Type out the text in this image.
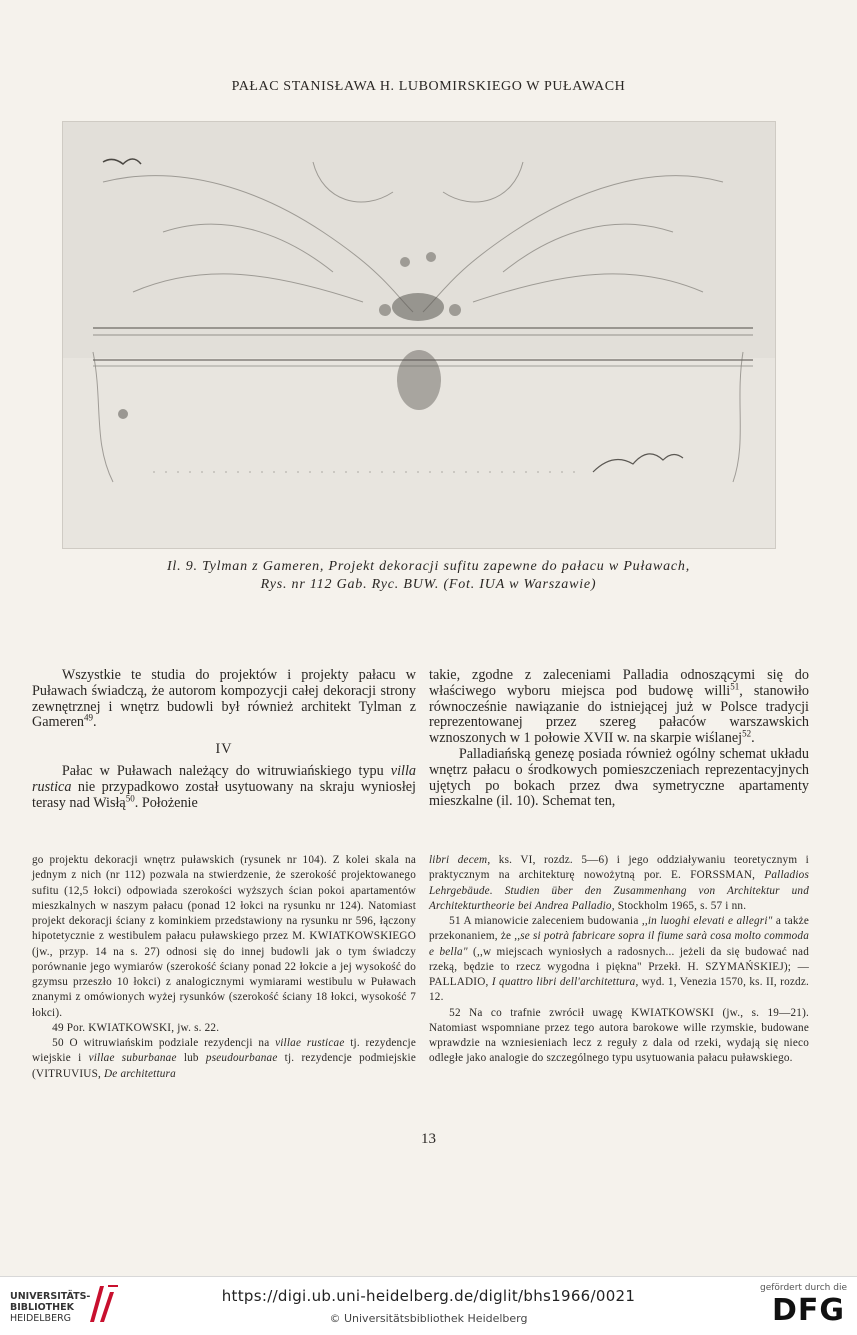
PAŁAC STANISŁAWA H. LUBOMIRSKIEGO W PUŁAWACH
Il. 9. Tylman z Gameren, Projekt dekoracji sufitu zapewne do pałacu w Puławach,
Rys. nr 112 Gab. Ryc. BUW. (Fot. IUA w Warszawie)

Wszystkie te studia do projektów i projekty pałacu w Puławach świadczą, że autorom kompozycji całej dekoracji strony zewnętrznej i wnętrz budowli był również architekt Tylman z Gameren$^{49}$.

IV

Pałac w Puławach należący do witruwiańskiego typu villa rustica nie przypadkowo został usytuowany na skraju wyniosłej terasy nad Wisłą$^{50}$. Położenie

takie, zgodne z zaleceniami Palladia odnoszącymi się do właściwego wyboru miejsca pod budowę willi$^{51}$, stanowiło równocześnie nawiązanie do istniejącej już w Polsce tradycji reprezentowanej przez szereg pałaców warszawskich wznoszonych w 1 połowie XVII w. na skarpie wiślanej$^{52}$.

Palladiańską genezę posiada również ogólny schemat układu wnętrz pałacu o środkowych pomieszczeniach reprezentacyjnych ujętych po bokach przez dwa symetryczne apartamenty mieszkalne (il. 10). Schemat ten,

go projektu dekoracji wnętrz puławskich (rysunek nr 104). Z kolei skala na jednym z nich (nr 112) pozwala na stwierdzenie, że szerokość projektowanego sufitu (12,5 łokci) odpowiada szerokości wyższych ścian pokoi apartamentów mieszkalnych w naszym pałacu (ponad 12 łokci na rysunku nr 124). Natomiast projekt dekoracji ściany z kominkiem przedstawiony na rysunku nr 596, łączony hipotetycznie z westibulem pałacu puławskiego przez M. KWIATKOWSKIEGO (jw., przyp. 14 na s. 27) odnosi się do innej budowli jak o tym świadczy porównanie jego wymiarów (szerokość ściany ponad 22 łokcie a jej wysokość do gzymsu przeszło 10 łokci) z analogicznymi wymiarami westibulu w Puławach znanymi z omówionych wyżej rysunków (szerokość ściany 18 łokci, wysokość 7 łokci).

49 Por. KWIATKOWSKI, jw. s. 22.

50 O witruwiańskim podziale rezydencji na villae rusticae tj. rezydencje wiejskie i villae suburbanae lub pseudourbanae tj. rezydencje podmiejskie (VITRUVIUS, De architettura

libri decem, ks. VI, rozdz. 5—6) i jego oddziaływaniu teoretycznym i praktycznym na architekturę nowożytną por. E. FORSSMAN, Palladios Lehrgebäude. Studien über den Zusammenhang von Architektur und Architekturtheorie bei Andrea Palladio, Stockholm 1965, s. 57 i nn.

51 A mianowicie zaleceniem budowania ,,in luoghi elevati e allegri" a także przekonaniem, że ,,se si potrà fabricare sopra il fiume sarà cosa molto commoda e bella" (,,w miejscach wyniosłych a radosnych... jeżeli da się budować nad rzeką, będzie to rzecz wygodna i piękna" Przekł. H. SZYMAŃSKIEJ); — PALLADIO, I quattro libri dell'architettura, wyd. 1, Venezia 1570, ks. II, rozdz. 12.

52 Na co trafnie zwrócił uwagę KWIATKOWSKI (jw., s. 19—21). Natomiast wspomniane przez tego autora barokowe wille rzymskie, budowane wprawdzie na wzniesieniach lecz z reguły z dala od rzeki, wydają się nieco odległe jako analogie do szczególnego typu usytuowania pałacu puławskiego.

13
UNIVERSITÄTS-
BIBLIOTHEK
HEIDELBERG
https://digi.ub.uni-heidelberg.de/diglit/bhs1966/0021
© Universitätsbibliothek Heidelberg
gefördert durch die
DFG
